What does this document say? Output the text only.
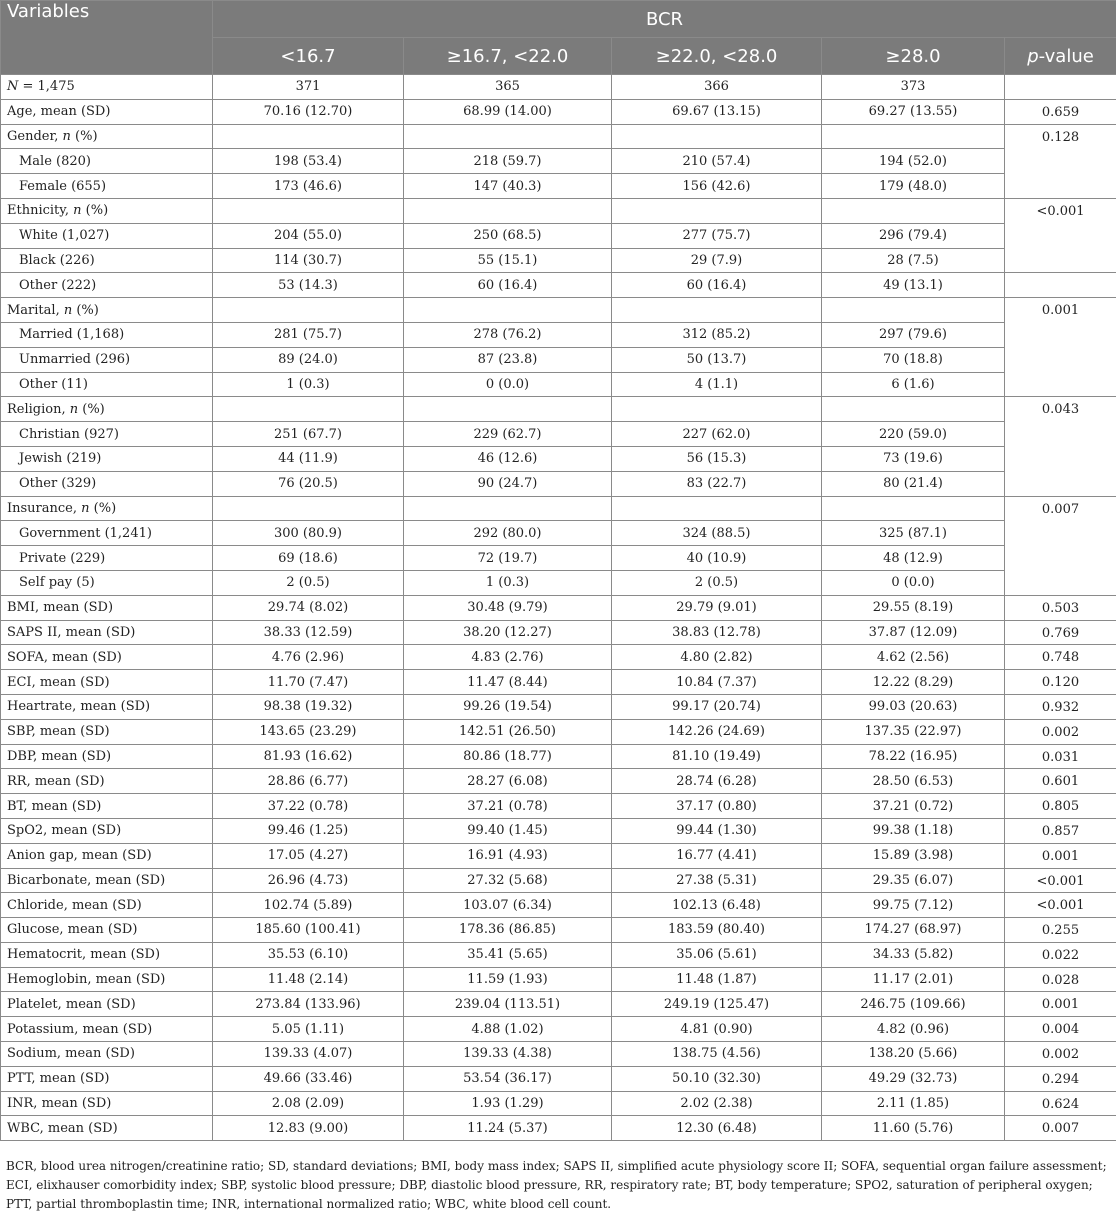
Variables	BCR				
	<16.7	≥16.7, <22.0	≥22.0, <28.0	≥28.0	p-value
N = 1,475	371	365	366	373	
Age, mean (SD)	70.16 (12.70)	68.99 (14.00)	69.67 (13.15)	69.27 (13.55)	0.659
Gender, n (%)					0.128
Male (820)	198 (53.4)	218 (59.7)	210 (57.4)	194 (52.0)	
Female (655)	173 (46.6)	147 (40.3)	156 (42.6)	179 (48.0)	
Ethnicity, n (%)					<0.001
White (1,027)	204 (55.0)	250 (68.5)	277 (75.7)	296 (79.4)	
Black (226)	114 (30.7)	55 (15.1)	29 (7.9)	28 (7.5)	
Other (222)	53 (14.3)	60 (16.4)	60 (16.4)	49 (13.1)	
Marital, n (%)					0.001
Married (1,168)	281 (75.7)	278 (76.2)	312 (85.2)	297 (79.6)	
Unmarried (296)	89 (24.0)	87 (23.8)	50 (13.7)	70 (18.8)	
Other (11)	1 (0.3)	0 (0.0)	4 (1.1)	6 (1.6)	
Religion, n (%)					0.043
Christian (927)	251 (67.7)	229 (62.7)	227 (62.0)	220 (59.0)	
Jewish (219)	44 (11.9)	46 (12.6)	56 (15.3)	73 (19.6)	
Other (329)	76 (20.5)	90 (24.7)	83 (22.7)	80 (21.4)	
Insurance, n (%)					0.007
Government (1,241)	300 (80.9)	292 (80.0)	324 (88.5)	325 (87.1)	
Private (229)	69 (18.6)	72 (19.7)	40 (10.9)	48 (12.9)	
Self pay (5)	2 (0.5)	1 (0.3)	2 (0.5)	0 (0.0)	
BMI, mean (SD)	29.74 (8.02)	30.48 (9.79)	29.79 (9.01)	29.55 (8.19)	0.503
SAPS II, mean (SD)	38.33 (12.59)	38.20 (12.27)	38.83 (12.78)	37.87 (12.09)	0.769
SOFA, mean (SD)	4.76 (2.96)	4.83 (2.76)	4.80 (2.82)	4.62 (2.56)	0.748
ECI, mean (SD)	11.70 (7.47)	11.47 (8.44)	10.84 (7.37)	12.22 (8.29)	0.120
Heartrate, mean (SD)	98.38 (19.32)	99.26 (19.54)	99.17 (20.74)	99.03 (20.63)	0.932
SBP, mean (SD)	143.65 (23.29)	142.51 (26.50)	142.26 (24.69)	137.35 (22.97)	0.002
DBP, mean (SD)	81.93 (16.62)	80.86 (18.77)	81.10 (19.49)	78.22 (16.95)	0.031
RR, mean (SD)	28.86 (6.77)	28.27 (6.08)	28.74 (6.28)	28.50 (6.53)	0.601
BT, mean (SD)	37.22 (0.78)	37.21 (0.78)	37.17 (0.80)	37.21 (0.72)	0.805
SpO2, mean (SD)	99.46 (1.25)	99.40 (1.45)	99.44 (1.30)	99.38 (1.18)	0.857
Anion gap, mean (SD)	17.05 (4.27)	16.91 (4.93)	16.77 (4.41)	15.89 (3.98)	0.001
Bicarbonate, mean (SD)	26.96 (4.73)	27.32 (5.68)	27.38 (5.31)	29.35 (6.07)	<0.001
Chloride, mean (SD)	102.74 (5.89)	103.07 (6.34)	102.13 (6.48)	99.75 (7.12)	<0.001
Glucose, mean (SD)	185.60 (100.41)	178.36 (86.85)	183.59 (80.40)	174.27 (68.97)	0.255
Hematocrit, mean (SD)	35.53 (6.10)	35.41 (5.65)	35.06 (5.61)	34.33 (5.82)	0.022
Hemoglobin, mean (SD)	11.48 (2.14)	11.59 (1.93)	11.48 (1.87)	11.17 (2.01)	0.028
Platelet, mean (SD)	273.84 (133.96)	239.04 (113.51)	249.19 (125.47)	246.75 (109.66)	0.001
Potassium, mean (SD)	5.05 (1.11)	4.88 (1.02)	4.81 (0.90)	4.82 (0.96)	0.004
Sodium, mean (SD)	139.33 (4.07)	139.33 (4.38)	138.75 (4.56)	138.20 (5.66)	0.002
PTT, mean (SD)	49.66 (33.46)	53.54 (36.17)	50.10 (32.30)	49.29 (32.73)	0.294
INR, mean (SD)	2.08 (2.09)	1.93 (1.29)	2.02 (2.38)	2.11 (1.85)	0.624
WBC, mean (SD)	12.83 (9.00)	11.24 (5.37)	12.30 (6.48)	11.60 (5.76)	0.007
BCR, blood urea nitrogen/creatinine ratio; SD, standard deviations; BMI, body mass index; SAPS II, simplified acute physiology score II; SOFA, sequential organ failure assessment; ECI, elixhauser comorbidity index; SBP, systolic blood pressure; DBP, diastolic blood pressure, RR, respiratory rate; BT, body temperature; SPO2, saturation of peripheral oxygen; PTT, partial thromboplastin time; INR, international normalized ratio; WBC, white blood cell count.
